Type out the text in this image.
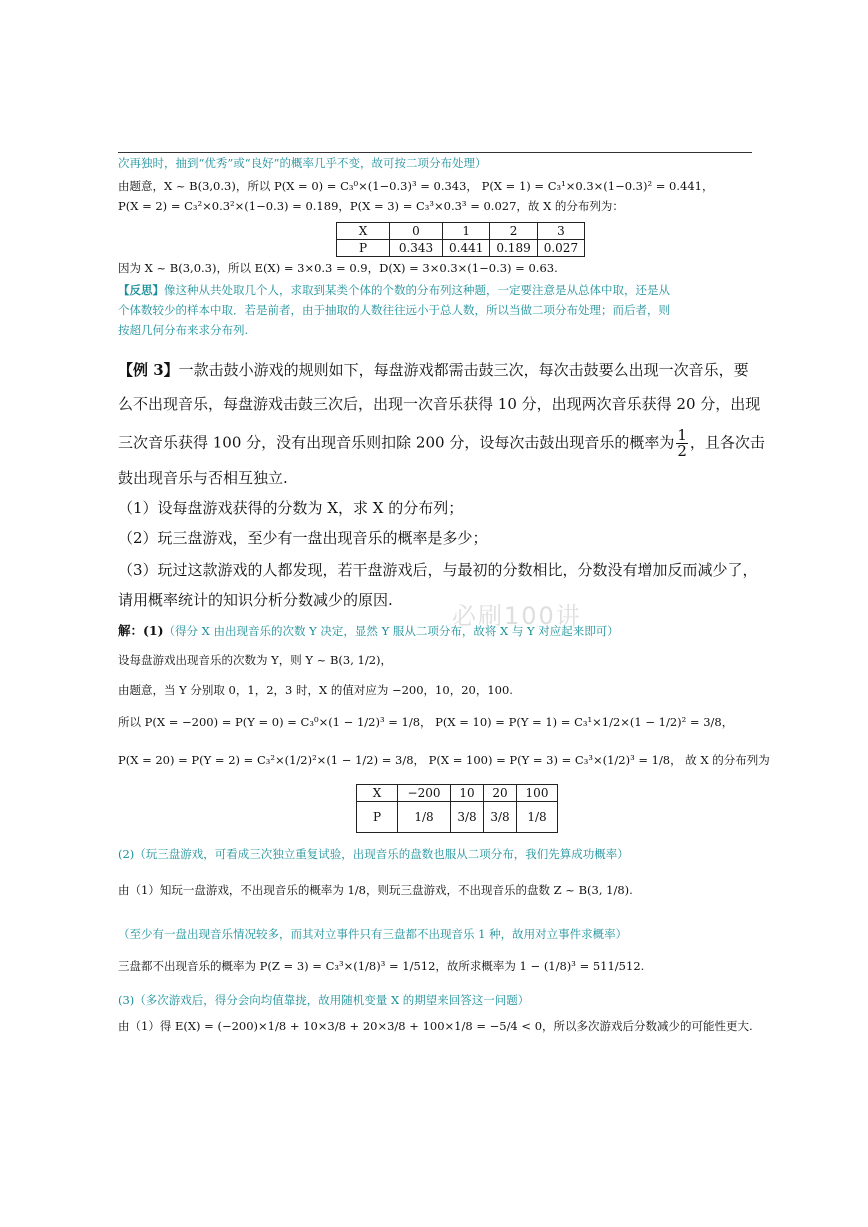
次再独时，抽到“优秀”或“良好”的概率几乎不变，故可按二项分布处理）
由题意，X ~ B(3,0.3)，所以 P(X = 0) = C₃⁰×(1−0.3)³ = 0.343， P(X = 1) = C₃¹×0.3×(1−0.3)² = 0.441，
P(X = 2) = C₃²×0.3²×(1−0.3) = 0.189，P(X = 3) = C₃³×0.3³ = 0.027，故 X 的分布列为：
X	0	1	2	3
P	0.343	0.441	0.189	0.027
因为 X ~ B(3,0.3)，所以 E(X) = 3×0.3 = 0.9，D(X) = 3×0.3×(1−0.3) = 0.63.
【反思】像这种从共处取几个人，求取到某类个体的个数的分布列这种题，一定要注意是从总体中取，还是从
个体数较少的样本中取．若是前者，由于抽取的人数往往远小于总人数，所以当做二项分布处理；而后者，则
按超几何分布来求分布列.
【例 3】一款击鼓小游戏的规则如下，每盘游戏都需击鼓三次，每次击鼓要么出现一次音乐，要
么不出现音乐，每盘游戏击鼓三次后，出现一次音乐获得 10 分，出现两次音乐获得 20 分，出现
三次音乐获得 100 分，没有出现音乐则扣除 200 分，设每次击鼓出现音乐的概率为 $\frac{1}{2}$ ，且各次击
鼓出现音乐与否相互独立.
（1）设每盘游戏获得的分数为 X，求 X 的分布列；
（2）玩三盘游戏，至少有一盘出现音乐的概率是多少；
（3）玩过这款游戏的人都发现，若干盘游戏后，与最初的分数相比，分数没有增加反而减少了，
请用概率统计的知识分析分数减少的原因.
必刷100讲
解：(1)（得分 X 由出现音乐的次数 Y 决定，显然 Y 服从二项分布，故将 X 与 Y 对应起来即可）
设每盘游戏出现音乐的次数为 Y，则 Y ~ B(3, 1/2)，
由题意，当 Y 分别取 0，1，2，3 时，X 的值对应为 −200，10，20，100.
所以 P(X = −200) = P(Y = 0) = C₃⁰×(1 − 1/2)³ = 1/8， P(X = 10) = P(Y = 1) = C₃¹×1/2×(1 − 1/2)² = 3/8，
P(X = 20) = P(Y = 2) = C₃²×(1/2)²×(1 − 1/2) = 3/8， P(X = 100) = P(Y = 3) = C₃³×(1/2)³ = 1/8， 故 X 的分布列为
X	−200	10	20	100
P	1/8	3/8	3/8	1/8
(2)（玩三盘游戏，可看成三次独立重复试验，出现音乐的盘数也服从二项分布，我们先算成功概率）
由（1）知玩一盘游戏，不出现音乐的概率为 1/8，则玩三盘游戏，不出现音乐的盘数 Z ~ B(3, 1/8).
（至少有一盘出现音乐情况较多，而其对立事件只有三盘都不出现音乐 1 种，故用对立事件求概率）
三盘都不出现音乐的概率为 P(Z = 3) = C₃³×(1/8)³ = 1/512，故所求概率为 1 − (1/8)³ = 511/512.
(3)（多次游戏后，得分会向均值靠拢，故用随机变量 X 的期望来回答这一问题）
由（1）得 E(X) = (−200)×1/8 + 10×3/8 + 20×3/8 + 100×1/8 = −5/4 < 0，所以多次游戏后分数减少的可能性更大.
